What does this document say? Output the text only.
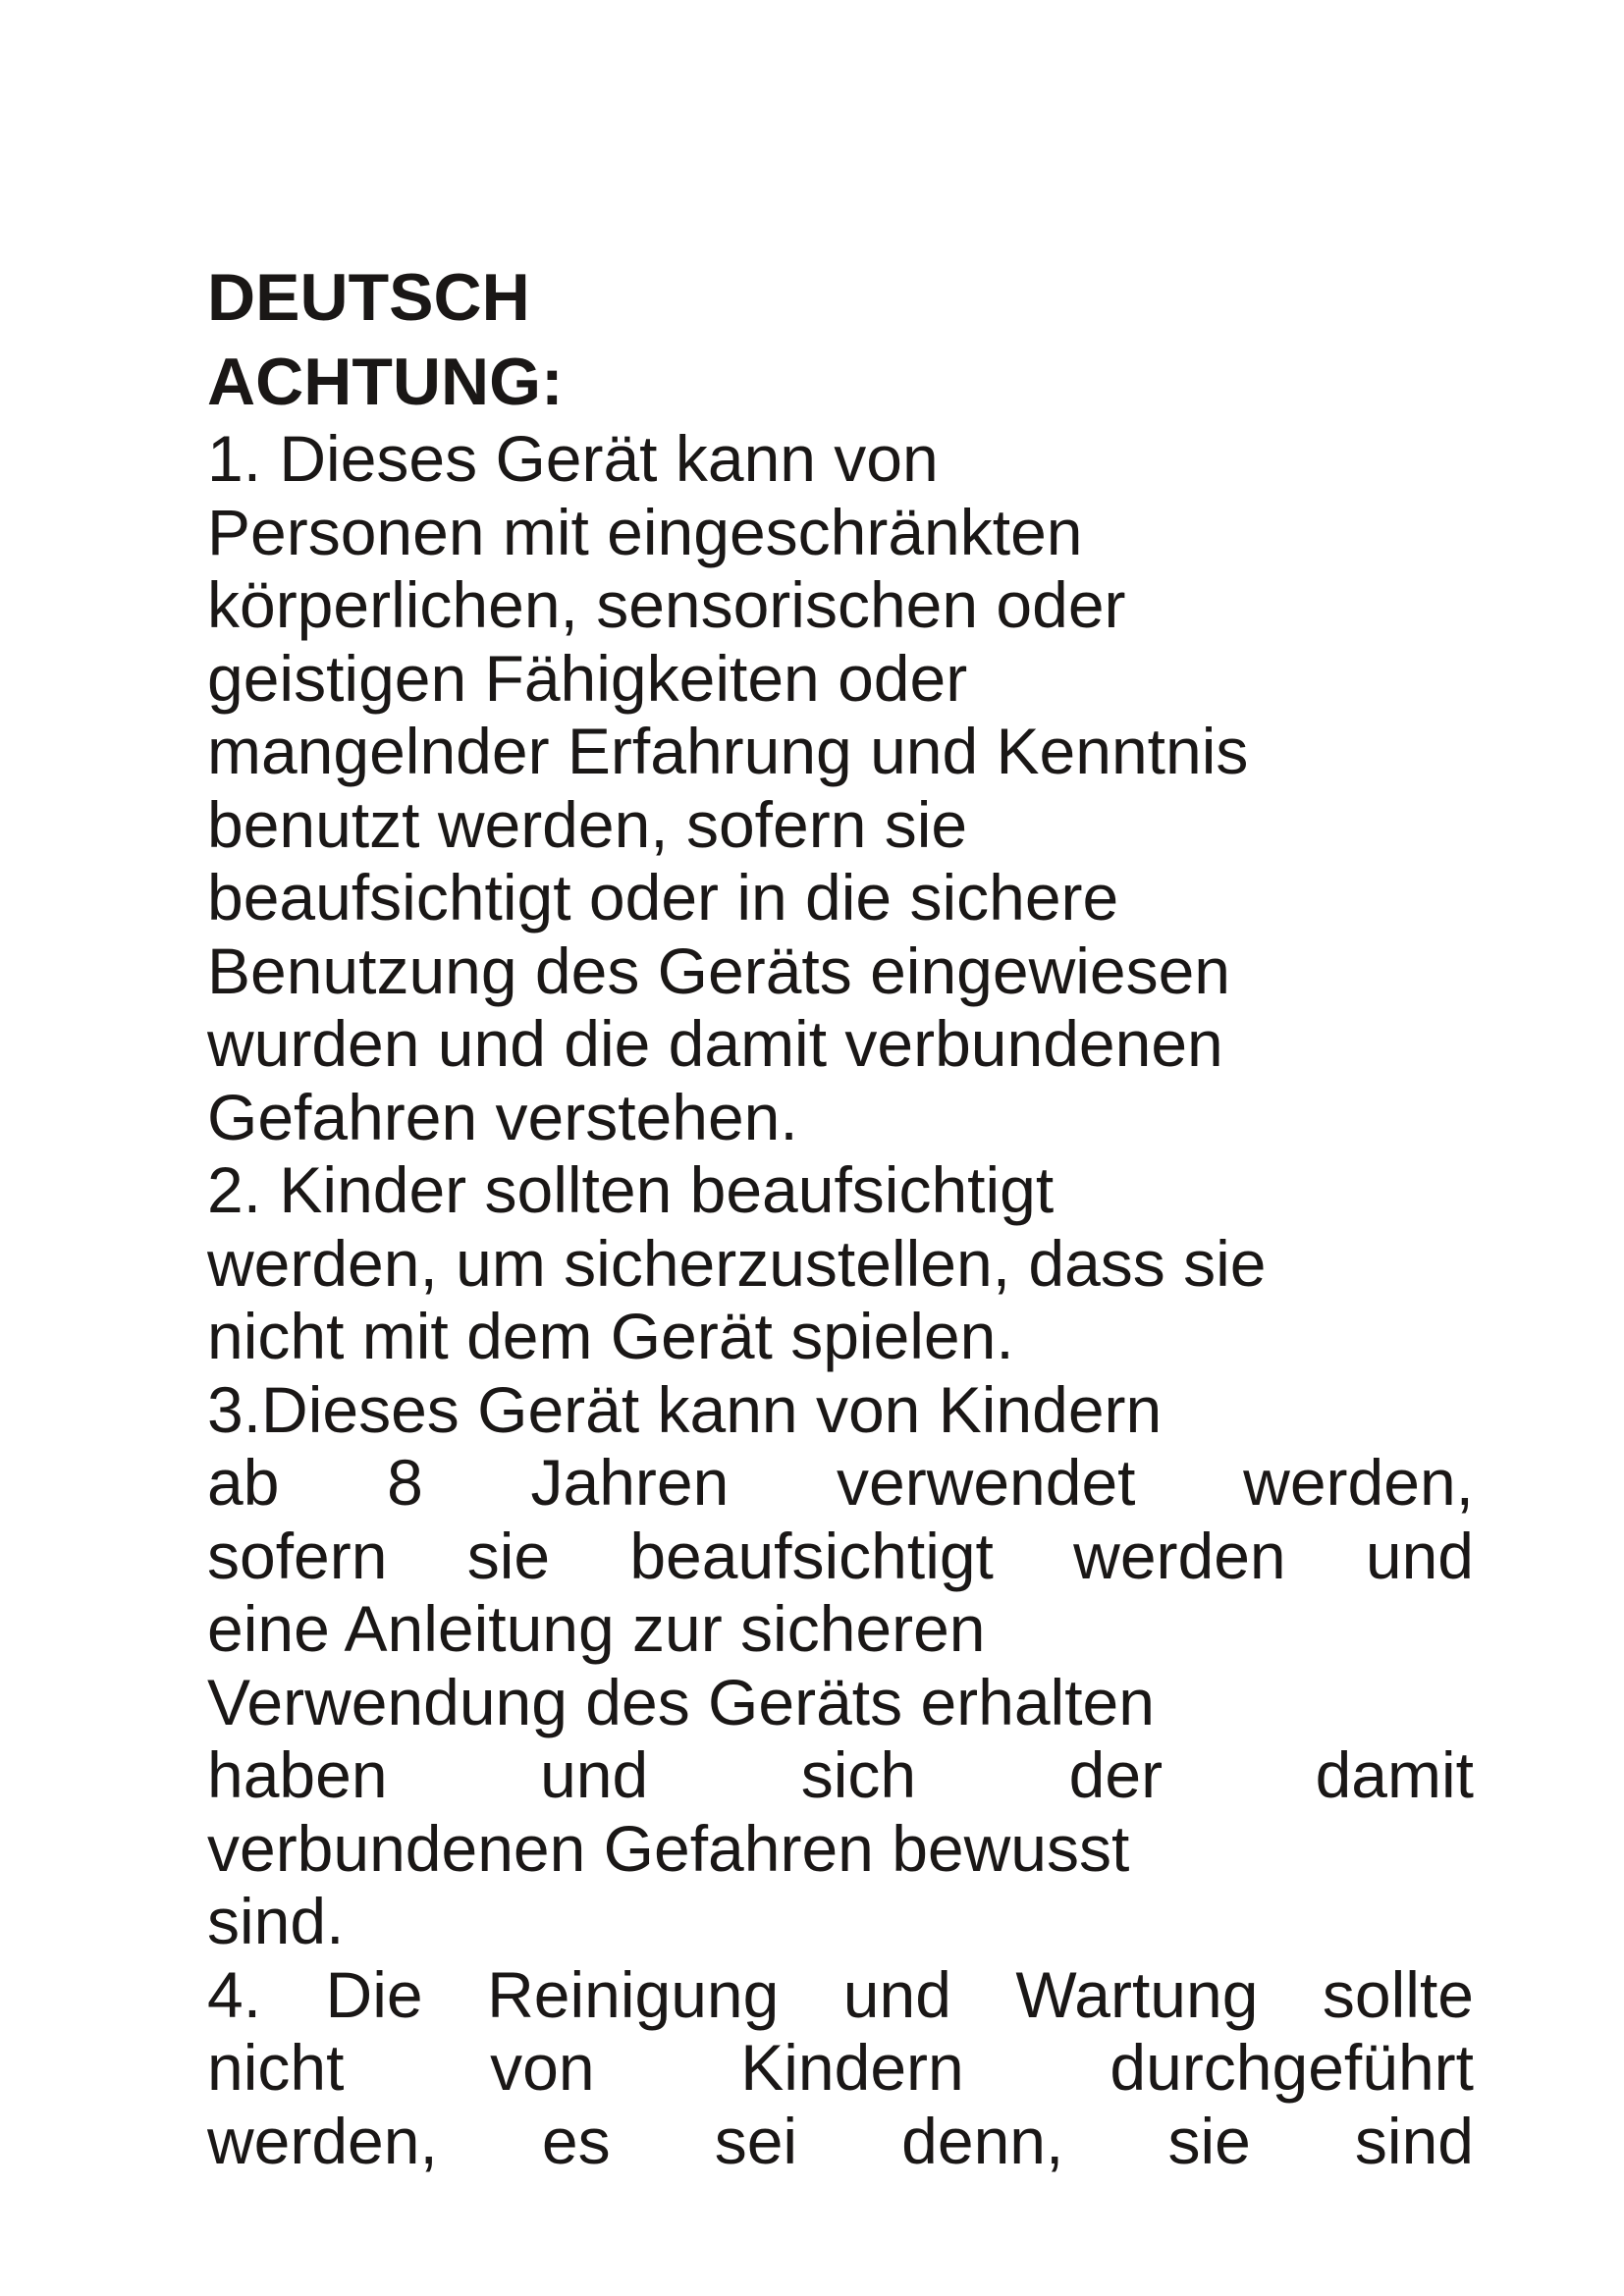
DEUTSCH
ACHTUNG:
1. Dieses Gerät kann von
Personen mit eingeschränkten
körperlichen, sensorischen oder
geistigen Fähigkeiten oder
mangelnder Erfahrung und Kenntnis
benutzt werden, sofern sie
beaufsichtigt oder in die sichere
Benutzung des Geräts eingewiesen
wurden und die damit verbundenen
Gefahren verstehen.
2. Kinder sollten beaufsichtigt
werden, um sicherzustellen, dass sie
nicht mit dem Gerät spielen.
3.Dieses Gerät kann von Kindern
ab 8 Jahren verwendet werden,
sofern sie beaufsichtigt werden und
eine Anleitung zur sicheren
Verwendung des Geräts erhalten
haben und sich der damit
verbundenen Gefahren bewusst
sind.
4. Die Reinigung und Wartung sollte
nicht von Kindern durchgeführt
werden, es sei denn, sie sind
